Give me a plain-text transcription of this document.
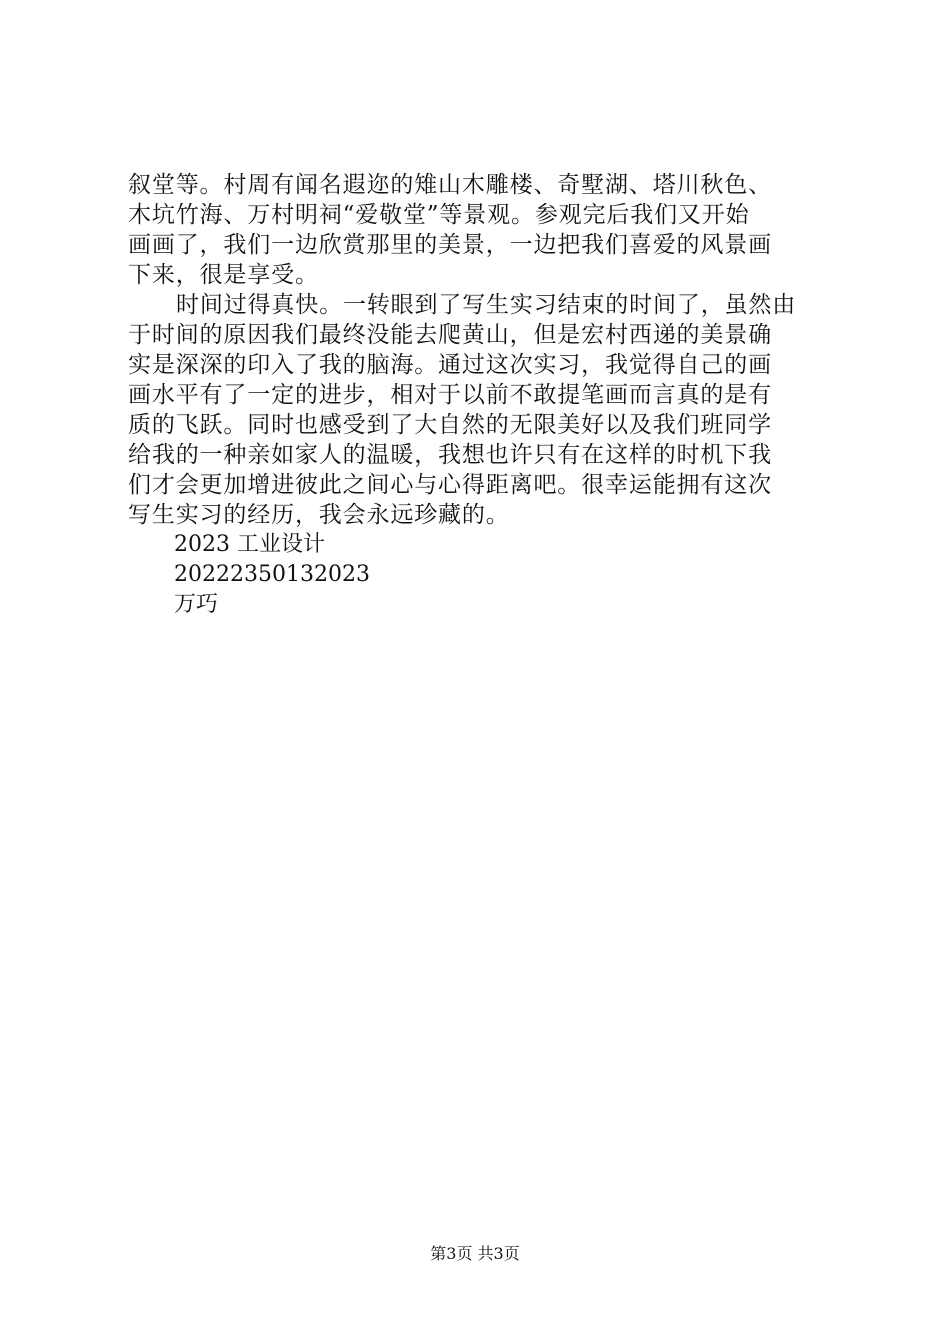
叙堂等。村周有闻名遐迩的雉山木雕楼、奇墅湖、塔川秋色、
木坑竹海、万村明祠“爱敬堂”等景观。参观完后我们又开始
画画了，我们一边欣赏那里的美景，一边把我们喜爱的风景画
下来，很是享受。
时间过得真快。一转眼到了写生实习结束的时间了，虽然由
于时间的原因我们最终没能去爬黄山，但是宏村西递的美景确
实是深深的印入了我的脑海。通过这次实习，我觉得自己的画
画水平有了一定的进步，相对于以前不敢提笔画而言真的是有
质的飞跃。同时也感受到了大自然的无限美好以及我们班同学
给我的一种亲如家人的温暖，我想也许只有在这样的时机下我
们才会更加增进彼此之间心与心得距离吧。很幸运能拥有这次
写生实习的经历，我会永远珍藏的。
2023 工业设计
20222350132023
万巧
第3页 共3页
